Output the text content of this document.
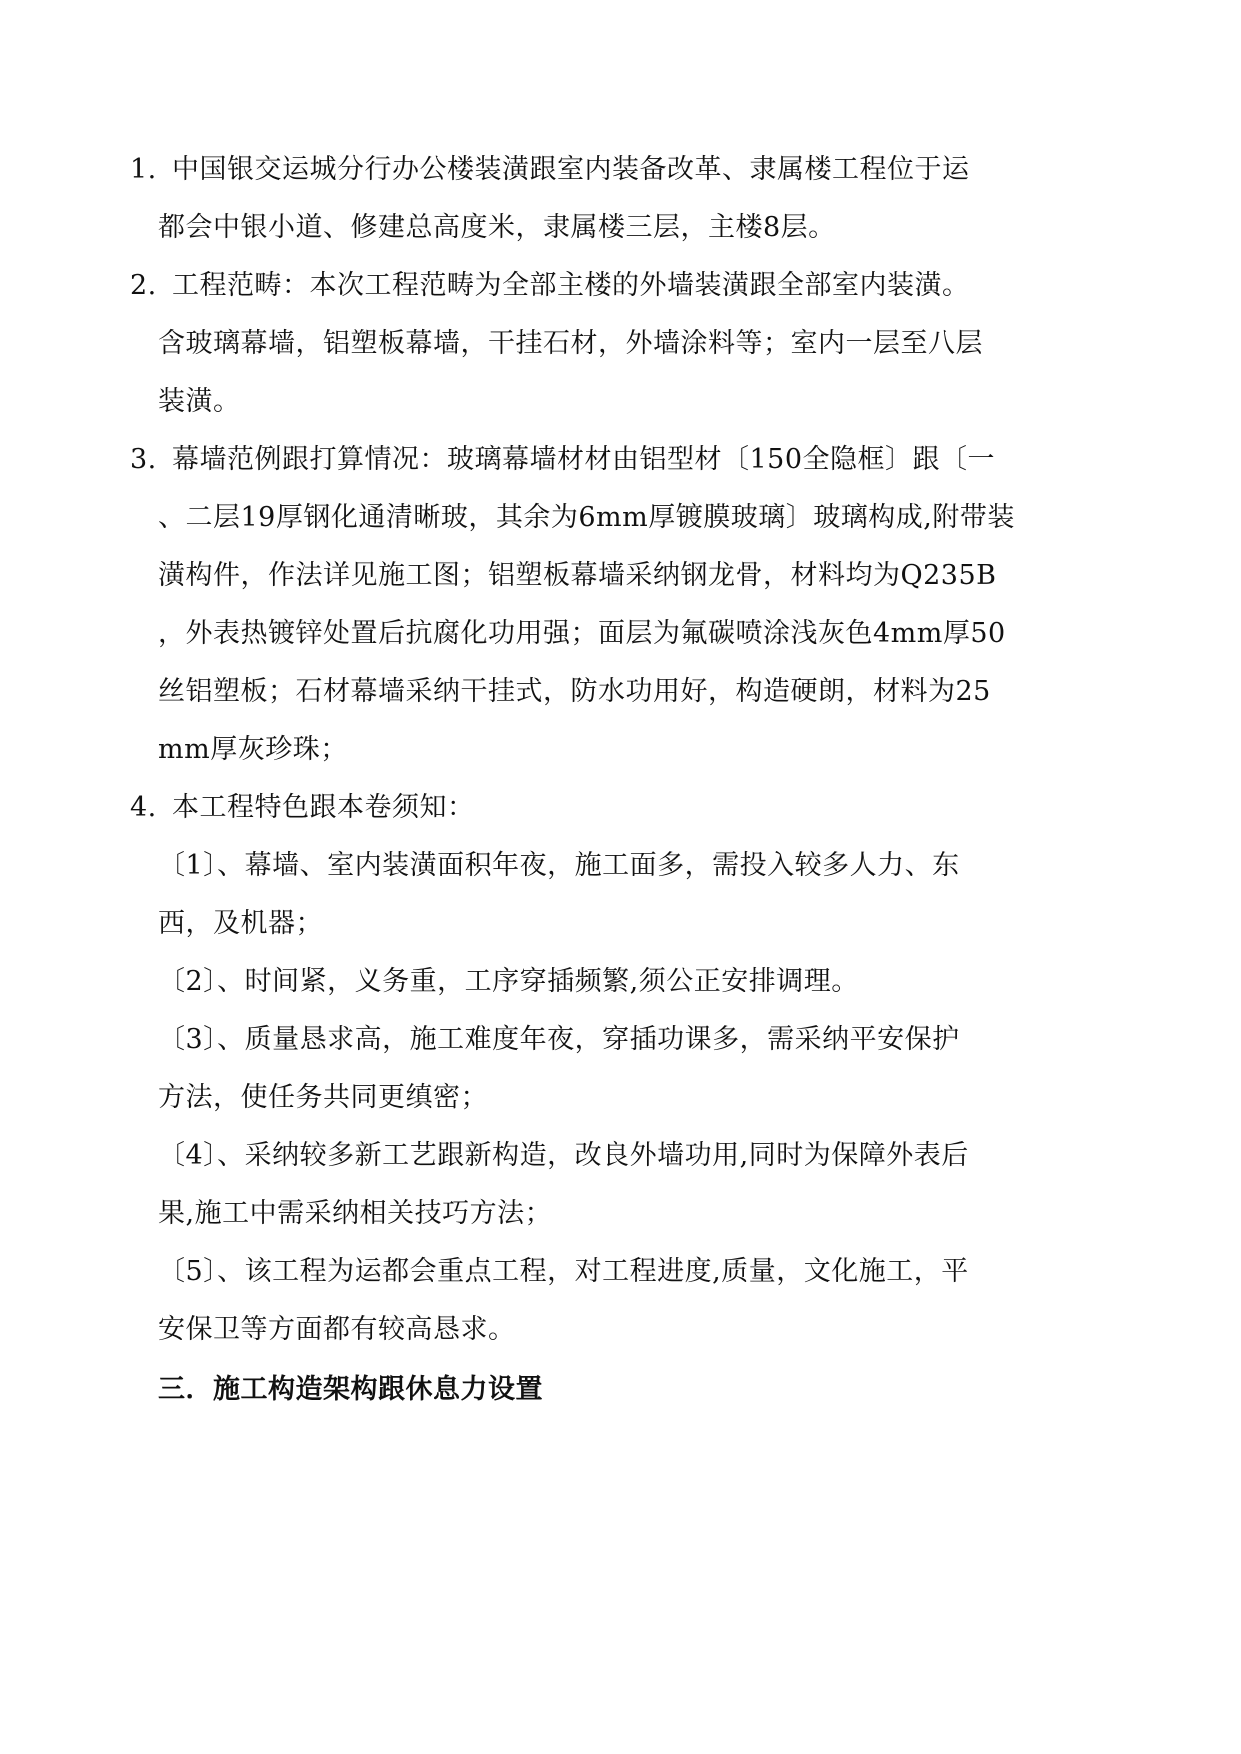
1. 中国银交运城分行办公楼装潢跟室内装备改革、隶属楼工程位于运
都会中银小道、修建总高度米，隶属楼三层，主楼8层。
2. 工程范畴：本次工程范畴为全部主楼的外墙装潢跟全部室内装潢。
含玻璃幕墙，铝塑板幕墙，干挂石材，外墙涂料等；室内一层至八层
装潢。
3. 幕墙范例跟打算情况：玻璃幕墙材材由铝型材〔150全隐框〕跟〔一
、二层19厚钢化通清晰玻，其余为6mm厚镀膜玻璃〕玻璃构成,附带装
潢构件，作法详见施工图；铝塑板幕墙采纳钢龙骨，材料均为Q235B
，外表热镀锌处置后抗腐化功用强；面层为氟碳喷涂浅灰色4mm厚50
丝铝塑板；石材幕墙采纳干挂式，防水功用好，构造硬朗，材料为25
mm厚灰珍珠；
4. 本工程特色跟本卷须知：
〔1〕、幕墙、室内装潢面积年夜，施工面多，需投入较多人力、东
西，及机器；
〔2〕、时间紧，义务重，工序穿插频繁,须公正安排调理。
〔3〕、质量恳求高，施工难度年夜，穿插功课多，需采纳平安保护
方法，使任务共同更缜密；
〔4〕、采纳较多新工艺跟新构造，改良外墙功用,同时为保障外表后
果,施工中需采纳相关技巧方法；
〔5〕、该工程为运都会重点工程，对工程进度,质量，文化施工，平
安保卫等方面都有较高恳求。
三．施工构造架构跟休息力设置
